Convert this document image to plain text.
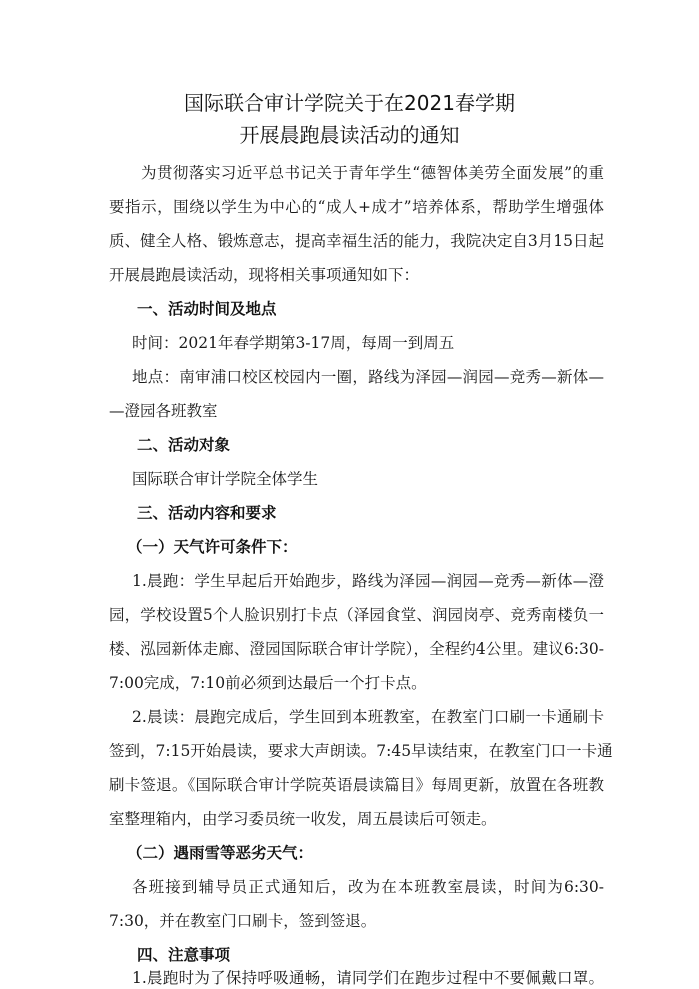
国际联合审计学院关于在2021春学期
开展晨跑晨读活动的通知
为贯彻落实习近平总书记关于青年学生“德智体美劳全面发展”的重
要指示，围绕以学生为中心的“成人+成才”培养体系，帮助学生增强体
质、健全人格、锻炼意志，提高幸福生活的能力，我院决定自3月15日起
开展晨跑晨读活动，现将相关事项通知如下：
一、活动时间及地点
时间：2021年春学期第3-17周，每周一到周五
地点：南审浦口校区校园内一圈，路线为泽园—润园—竞秀—新体—
—澄园各班教室
二、活动对象
国际联合审计学院全体学生
三、活动内容和要求
（一）天气许可条件下：
1.晨跑：学生早起后开始跑步，路线为泽园—润园—竞秀—新体—澄
园，学校设置5个人脸识别打卡点（泽园食堂、润园岗亭、竞秀南楼负一
楼、泓园新体走廊、澄园国际联合审计学院），全程约4公里。建议6:30-
7:00完成，7:10前必须到达最后一个打卡点。
2.晨读：晨跑完成后，学生回到本班教室，在教室门口刷一卡通刷卡
签到，7:15开始晨读，要求大声朗读。7:45早读结束，在教室门口一卡通
刷卡签退。《国际联合审计学院英语晨读篇目》每周更新，放置在各班教
室整理箱内，由学习委员统一收发，周五晨读后可领走。
（二）遇雨雪等恶劣天气：
各班接到辅导员正式通知后，改为在本班教室晨读，时间为6:30-
7:30，并在教室门口刷卡，签到签退。
四、注意事项
1.晨跑时为了保持呼吸通畅，请同学们在跑步过程中不要佩戴口罩。
